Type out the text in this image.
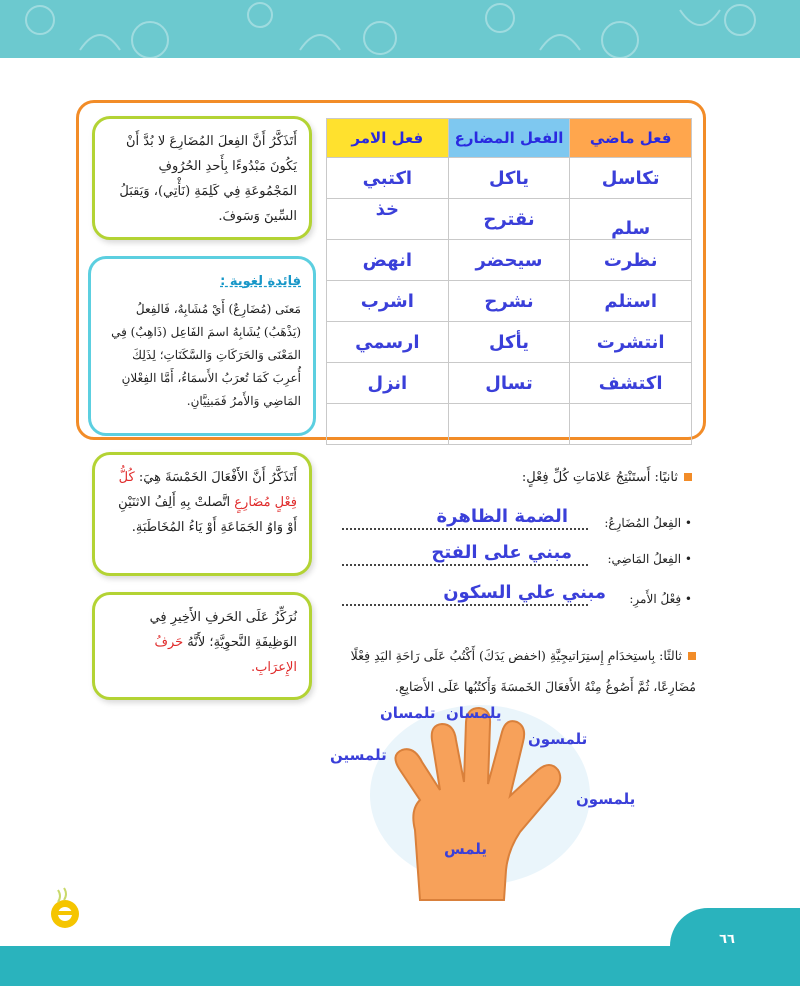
٦٦
أَتَذَكَّرُ أَنَّ الفِعلَ المُضَارِعَ لا بُدَّ أَنْ يَكُونَ مَبْدُوءًا بِأَحدِ الحُرُوفِ المَجْمُوعَةِ فِي كَلِمَةِ (نَأْتِي)، وَيَقبَلُ السِّينَ وَسَوفَ.
فائدة لغوية :
مَعنَى (مُضَارِعٌ) أَيْ مُشَابِهٌ، فَالفِعلُ (يَذْهَبُ) يُشَابِهُ اسمَ الفَاعِل (ذَاهِبٌ) فِي المَعْنَى وَالحَرَكَاتِ وَالسَّكَنَاتِ؛ لِذَلِكَ أُعرِبَ كَمَا تُعرَبُ الأَسمَاءُ، أَمَّا الفِعْلانِ المَاضِي وَالأَمرُ فَمَبنِيَّانِ.
أَتَذَكَّرُ أَنَّ الأَفْعَالَ الخَمْسَةَ هِيَ: كُلُّ فِعْلٍ مُضَارِعٍ اتَّصلتْ بِهِ أَلِفُ الاثنَيْنِ أَوْ وَاوُ الجَمَاعَةِ أَوْ يَاءُ المُخَاطَبَةِ.
نُرَكِّزُ عَلَى الحَرفِ الأَخِيرِ فِي الوَظِيفَةِ النَّحوِيَّةِ؛ لأَنَّهُ حَرفُ الإِعرَابِ.
فعل ماضي	الفعل المضارع	فعل الامر
تكاسل	ياكل	اكتبي
سلم	نقترح	خذ
نظرت	سيحضر	انهض
استلم	نشرح	اشرب
انتشرت	يأكل	ارسمي
اكتشف	تسال	انزل

ثانيًا: أَستَنْتِجُ عَلامَاتِ كُلِّ فِعْلٍ:
• الفِعلُ المُضَارِعُ:
الضمة الظاهرة
• الفِعلُ المَاضِي:
مبني على الفتح
• فِعْلُ الأَمرِ:
مبني علي السكون
ثالثًا: بِاستِخدَامِ إِستِرَاتيجِيَّةِ (اخفض يَدَكَ) أَكْتُبُ عَلَى رَاحَةِ اليَدِ فِعْلًا مُضَارِعًا، ثُمَّ أَصُوغُ مِنْهُ الأَفعَالَ الخَمسَةَ وَأَكتُبُها عَلَى الأَصَابِعِ.
يلمس
تلمسين
يلمسان
تلمسان
تلمسون
يلمسون
